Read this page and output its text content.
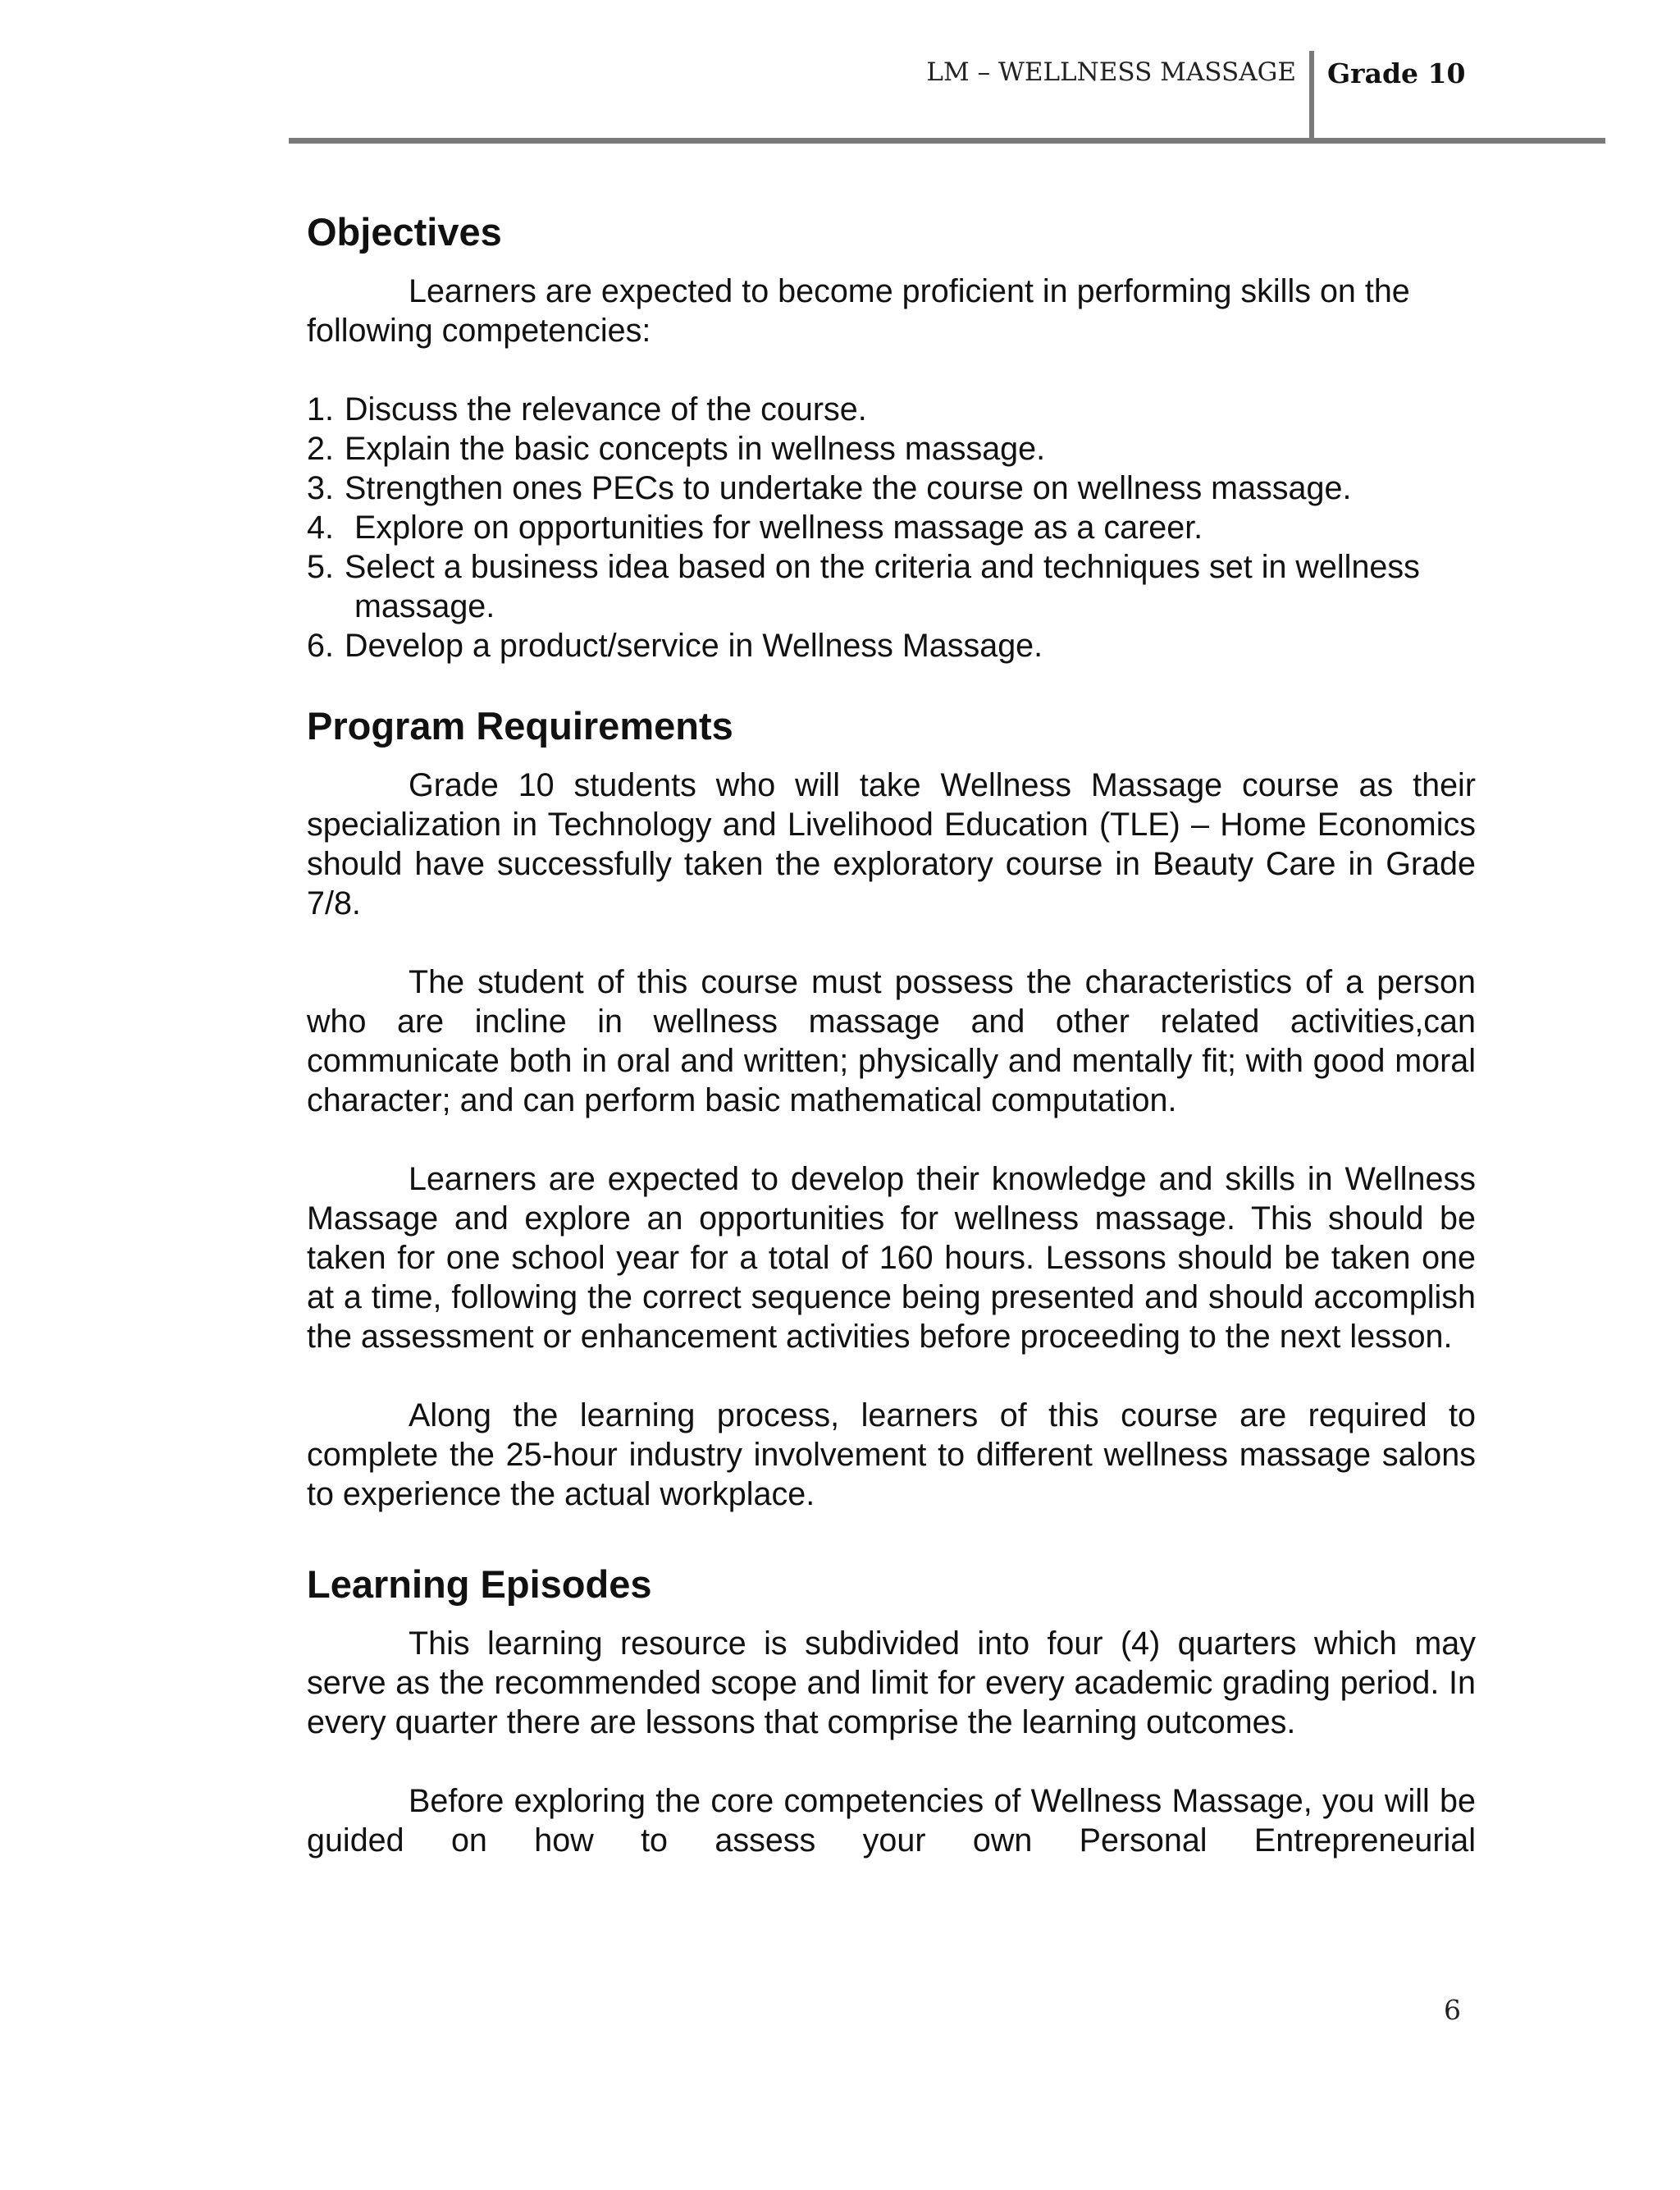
LM – WELLNESS MASSAGE Grade 10
Objectives

Learners are expected to become proficient in performing skills on the following competencies:

1. Discuss the relevance of the course.
2. Explain the basic concepts in wellness massage.
3. Strengthen ones PECs to undertake the course on wellness massage.
4. Explore on opportunities for wellness massage as a career.
5. Select a business idea based on the criteria and techniques set in wellness massage.
6. Develop a product/service in Wellness Massage.
Program Requirements

Grade 10 students who will take Wellness Massage course as their specialization in Technology and Livelihood Education (TLE) – Home Economics should have successfully taken the exploratory course in Beauty Care in Grade 7/8.

The student of this course must possess the characteristics of a person who are incline in wellness massage and other related activities,can communicate both in oral and written; physically and mentally fit; with good moral character; and can perform basic mathematical computation.

Learners are expected to develop their knowledge and skills in Wellness Massage and explore an opportunities for wellness massage. This should be taken for one school year for a total of 160 hours. Lessons should be taken one at a time, following the correct sequence being presented and should accomplish the assessment or enhancement activities before proceeding to the next lesson.

Along the learning process, learners of this course are required to complete the 25-hour industry involvement to different wellness massage salons to experience the actual workplace.

Learning Episodes

This learning resource is subdivided into four (4) quarters which may serve as the recommended scope and limit for every academic grading period. In every quarter there are lessons that comprise the learning outcomes.

Before exploring the core competencies of Wellness Massage, you will be guided on how to assess your own Personal Entrepreneurial

6
